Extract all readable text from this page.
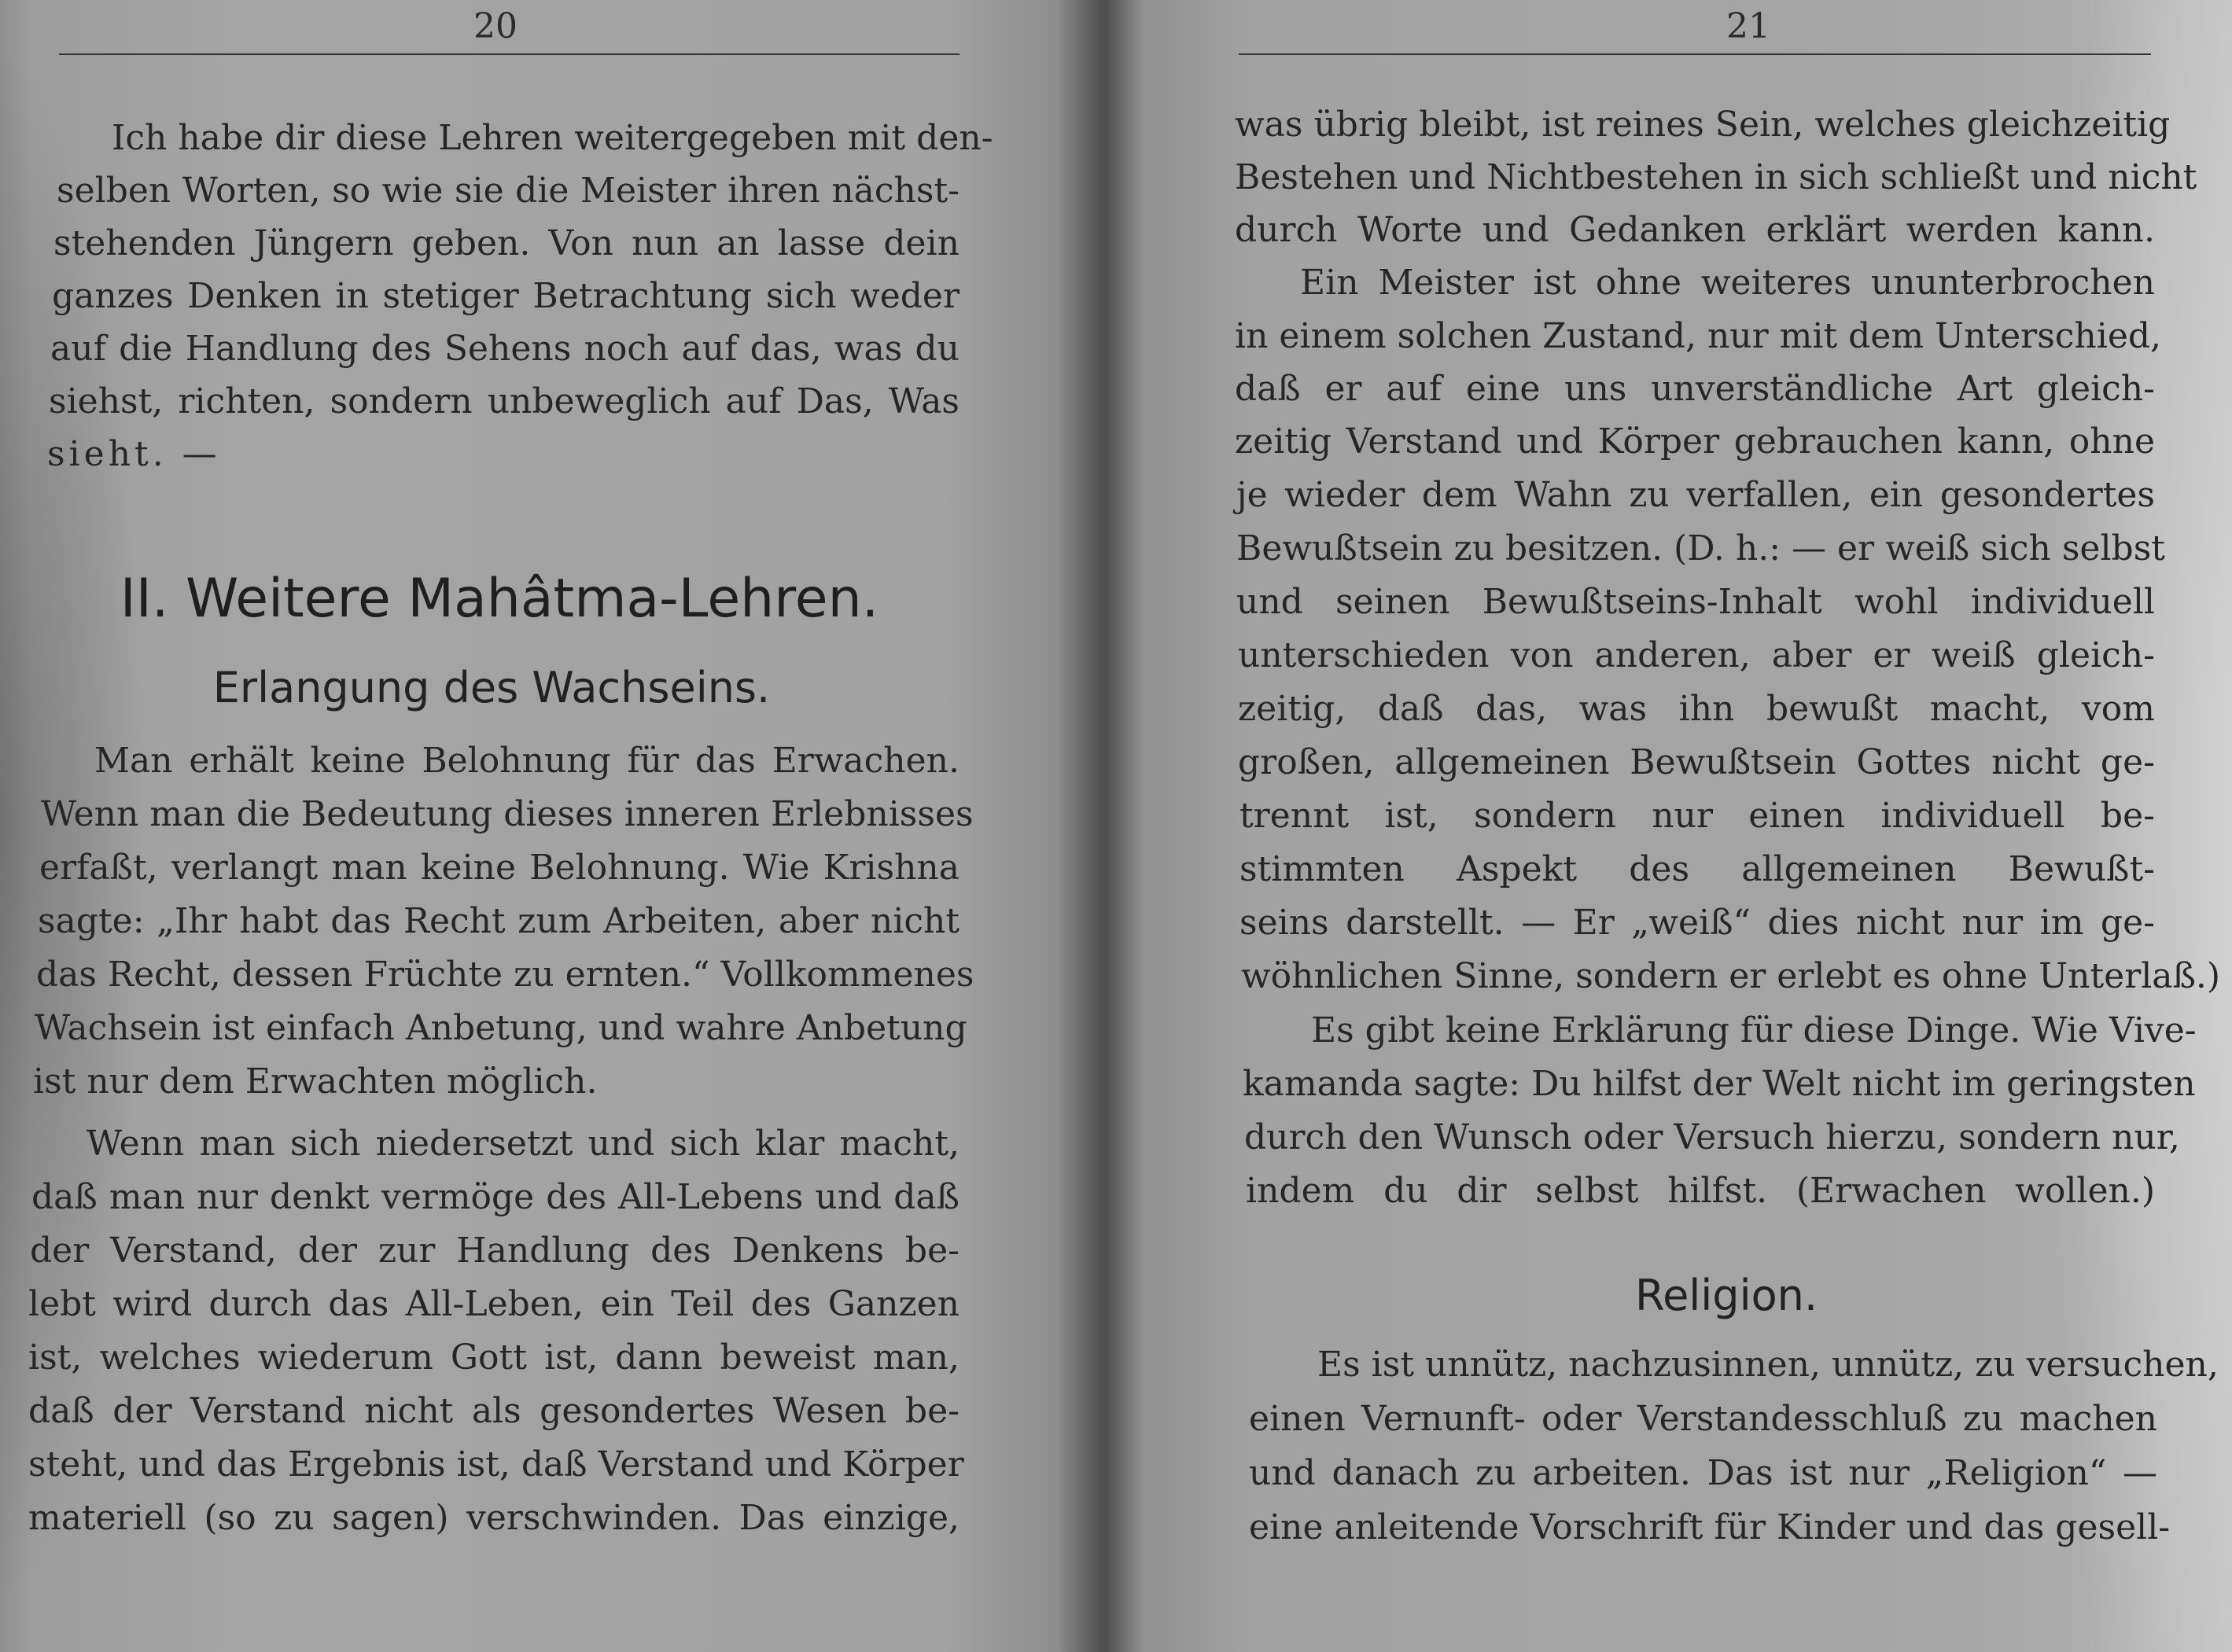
20
Ich habe dir diese Lehren weitergegeben mit den-
selben Worten, so wie sie die Meister ihren nächst-
stehenden Jüngern geben. Von nun an lasse dein
ganzes Denken in stetiger Betrachtung sich weder
auf die Handlung des Sehens noch auf das, was du
siehst, richten, sondern unbeweglich auf Das, Was
sieht. —
II. Weitere Mahâtma-Lehren.
Erlangung des Wachseins.
Man erhält keine Belohnung für das Erwachen.
Wenn man die Bedeutung dieses inneren Erlebnisses
erfaßt, verlangt man keine Belohnung. Wie Krishna
sagte: „Ihr habt das Recht zum Arbeiten, aber nicht
das Recht, dessen Früchte zu ernten.“ Vollkommenes
Wachsein ist einfach Anbetung, und wahre Anbetung
ist nur dem Erwachten möglich.
Wenn man sich niedersetzt und sich klar macht,
daß man nur denkt vermöge des All-Lebens und daß
der Verstand, der zur Handlung des Denkens be-
lebt wird durch das All-Leben, ein Teil des Ganzen
ist, welches wiederum Gott ist, dann beweist man,
daß der Verstand nicht als gesondertes Wesen be-
steht, und das Ergebnis ist, daß Verstand und Körper
materiell (so zu sagen) verschwinden. Das einzige,
21
was übrig bleibt, ist reines Sein, welches gleichzeitig
Bestehen und Nichtbestehen in sich schließt und nicht
durch Worte und Gedanken erklärt werden kann.
Ein Meister ist ohne weiteres ununterbrochen
in einem solchen Zustand, nur mit dem Unterschied,
daß er auf eine uns unverständliche Art gleich-
zeitig Verstand und Körper gebrauchen kann, ohne
je wieder dem Wahn zu verfallen, ein gesondertes
Bewußtsein zu besitzen. (D. h.: — er weiß sich selbst
und seinen Bewußtseins-Inhalt wohl individuell
unterschieden von anderen, aber er weiß gleich-
zeitig, daß das, was ihn bewußt macht, vom
großen, allgemeinen Bewußtsein Gottes nicht ge-
trennt ist, sondern nur einen individuell be-
stimmten Aspekt des allgemeinen Bewußt-
seins darstellt. — Er „weiß“ dies nicht nur im ge-
wöhnlichen Sinne, sondern er erlebt es ohne Unterlaß.)
Es gibt keine Erklärung für diese Dinge. Wie Vive-
kamanda sagte: Du hilfst der Welt nicht im geringsten
durch den Wunsch oder Versuch hierzu, sondern nur,
indem du dir selbst hilfst. (Erwachen wollen.)
Religion.
Es ist unnütz, nachzusinnen, unnütz, zu versuchen,
einen Vernunft- oder Verstandesschluß zu machen
und danach zu arbeiten. Das ist nur „Religion“ —
eine anleitende Vorschrift für Kinder und das gesell-
